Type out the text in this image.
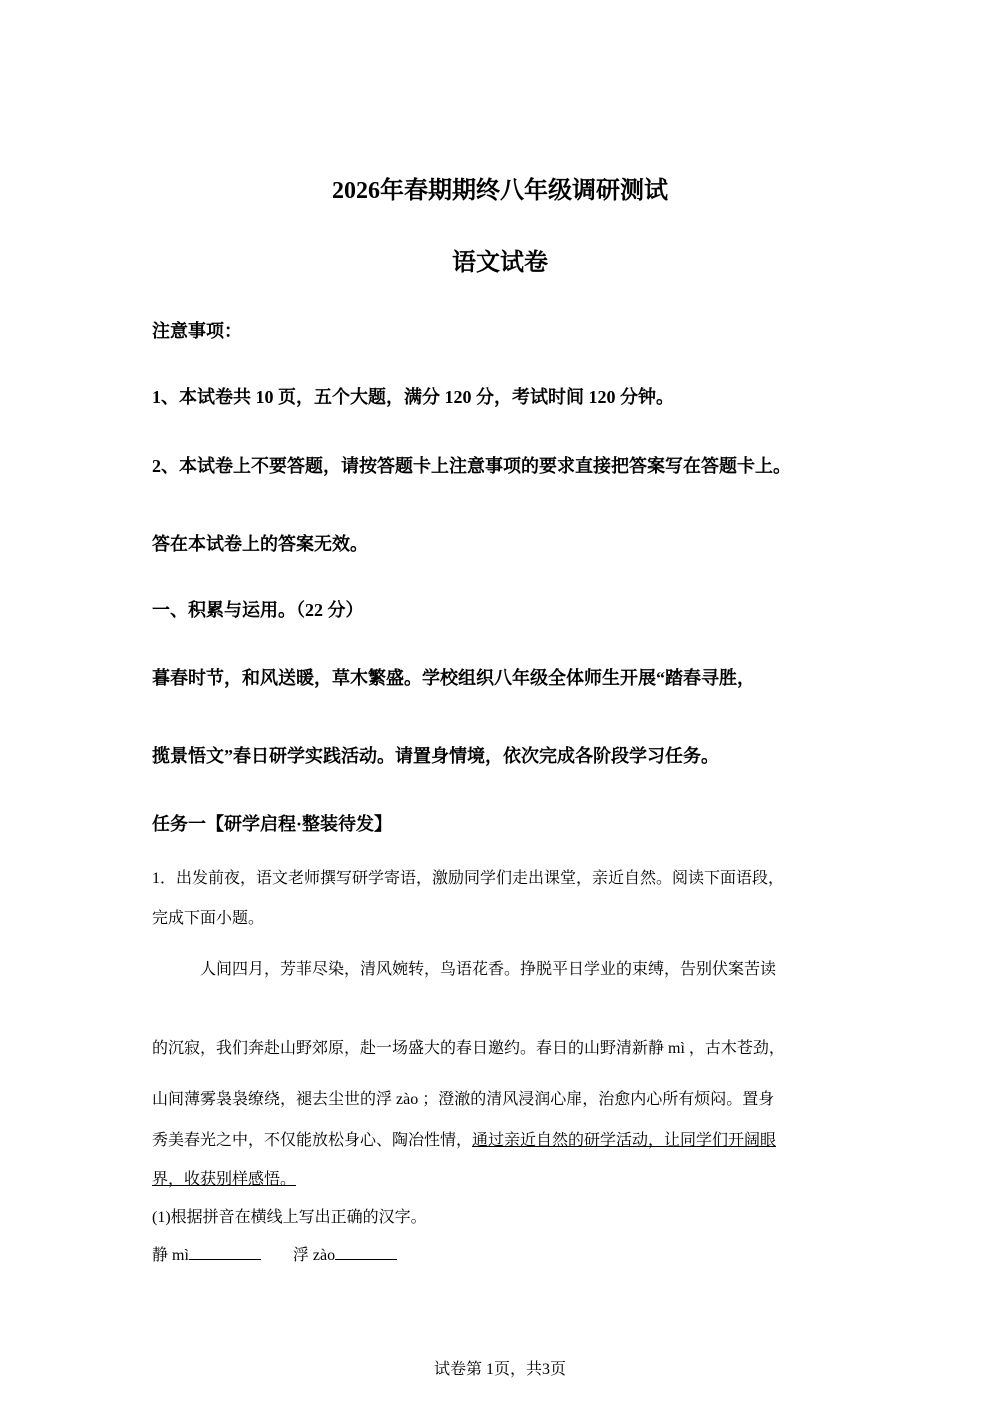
2026年春期期终八年级调研测试
语文试卷
注意事项：
1、本试卷共 10 页，五个大题，满分 120 分，考试时间 120 分钟。
2、本试卷上不要答题，请按答题卡上注意事项的要求直接把答案写在答题卡上。
答在本试卷上的答案无效。
一、积累与运用。（22 分）
暮春时节，和风送暖，草木繁盛。学校组织八年级全体师生开展“踏春寻胜，
揽景悟文”春日研学实践活动。请置身情境，依次完成各阶段学习任务。
任务一【研学启程·整装待发】
1．出发前夜，语文老师撰写研学寄语，激励同学们走出课堂，亲近自然。阅读下面语段，
完成下面小题。
人间四月，芳菲尽染，清风婉转，鸟语花香。挣脱平日学业的束缚，告别伏案苦读
的沉寂，我们奔赴山野郊原，赴一场盛大的春日邀约。春日的山野清新静 mì ，古木苍劲，
山间薄雾袅袅缭绕，褪去尘世的浮 zào ；澄澈的清风浸润心扉，治愈内心所有烦闷。置身
秀美春光之中，不仅能放松身心、陶冶性情，通过亲近自然的研学活动，让同学们开阔眼
界，收获别样感悟。
(1)根据拼音在横线上写出正确的汉字。
静 mì	浮 zào
试卷第 1页，共3页
